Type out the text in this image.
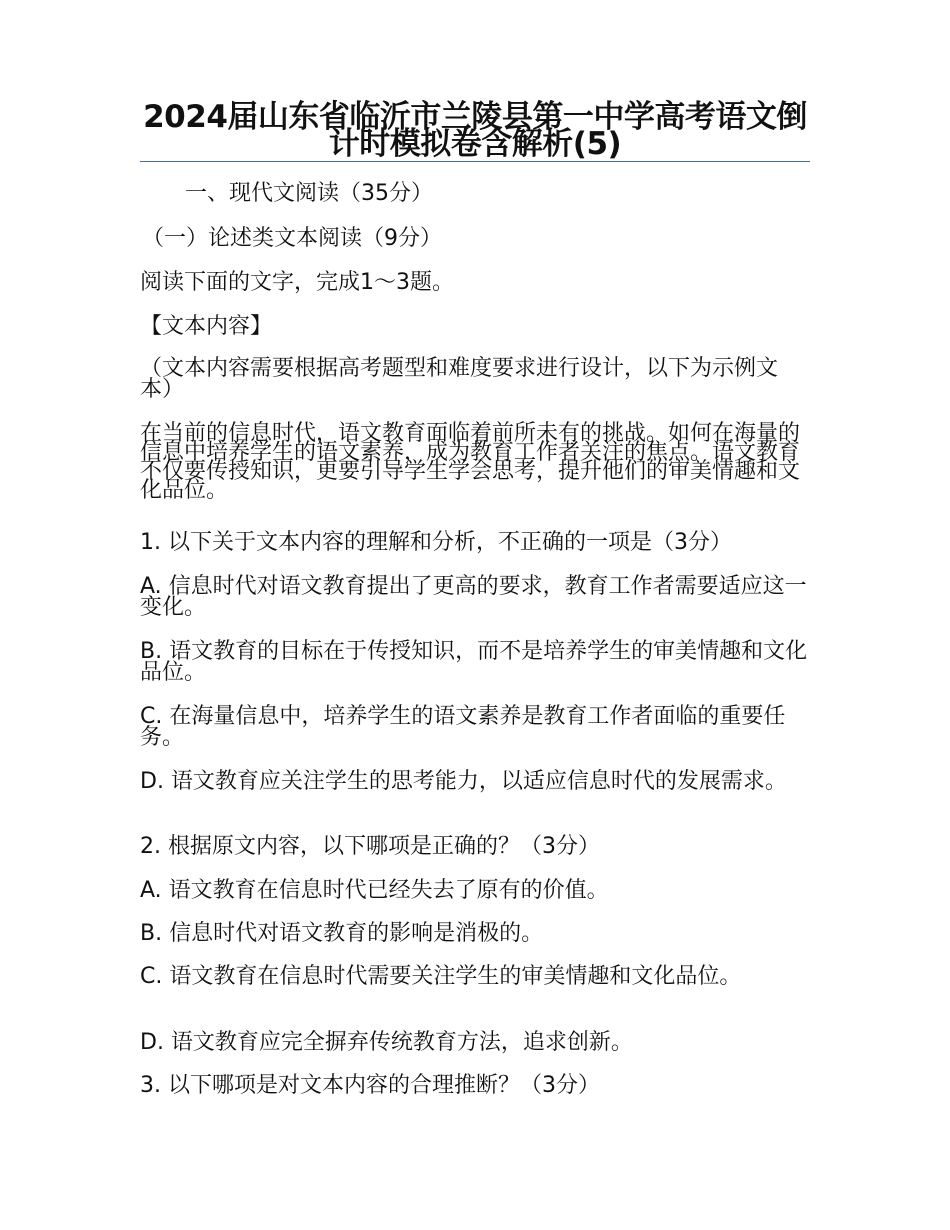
2024届山东省临沂市兰陵县第一中学高考语文倒计时模拟卷含解析(5)
一、现代文阅读（35分）
（一）论述类文本阅读（9分）
阅读下面的文字，完成1～3题。
【文本内容】
（文本内容需要根据高考题型和难度要求进行设计，以下为示例文本）
在当前的信息时代，语文教育面临着前所未有的挑战。如何在海量的信息中培养学生的语文素养，成为教育工作者关注的焦点。语文教育不仅要传授知识，更要引导学生学会思考，提升他们的审美情趣和文化品位。
1. 以下关于文本内容的理解和分析，不正确的一项是（3分）
A. 信息时代对语文教育提出了更高的要求，教育工作者需要适应这一变化。
B. 语文教育的目标在于传授知识，而不是培养学生的审美情趣和文化品位。
C. 在海量信息中，培养学生的语文素养是教育工作者面临的重要任务。
D. 语文教育应关注学生的思考能力，以适应信息时代的发展需求。
2. 根据原文内容，以下哪项是正确的？（3分）
A. 语文教育在信息时代已经失去了原有的价值。
B. 信息时代对语文教育的影响是消极的。
C. 语文教育在信息时代需要关注学生的审美情趣和文化品位。
D. 语文教育应完全摒弃传统教育方法，追求创新。
3. 以下哪项是对文本内容的合理推断？（3分）
